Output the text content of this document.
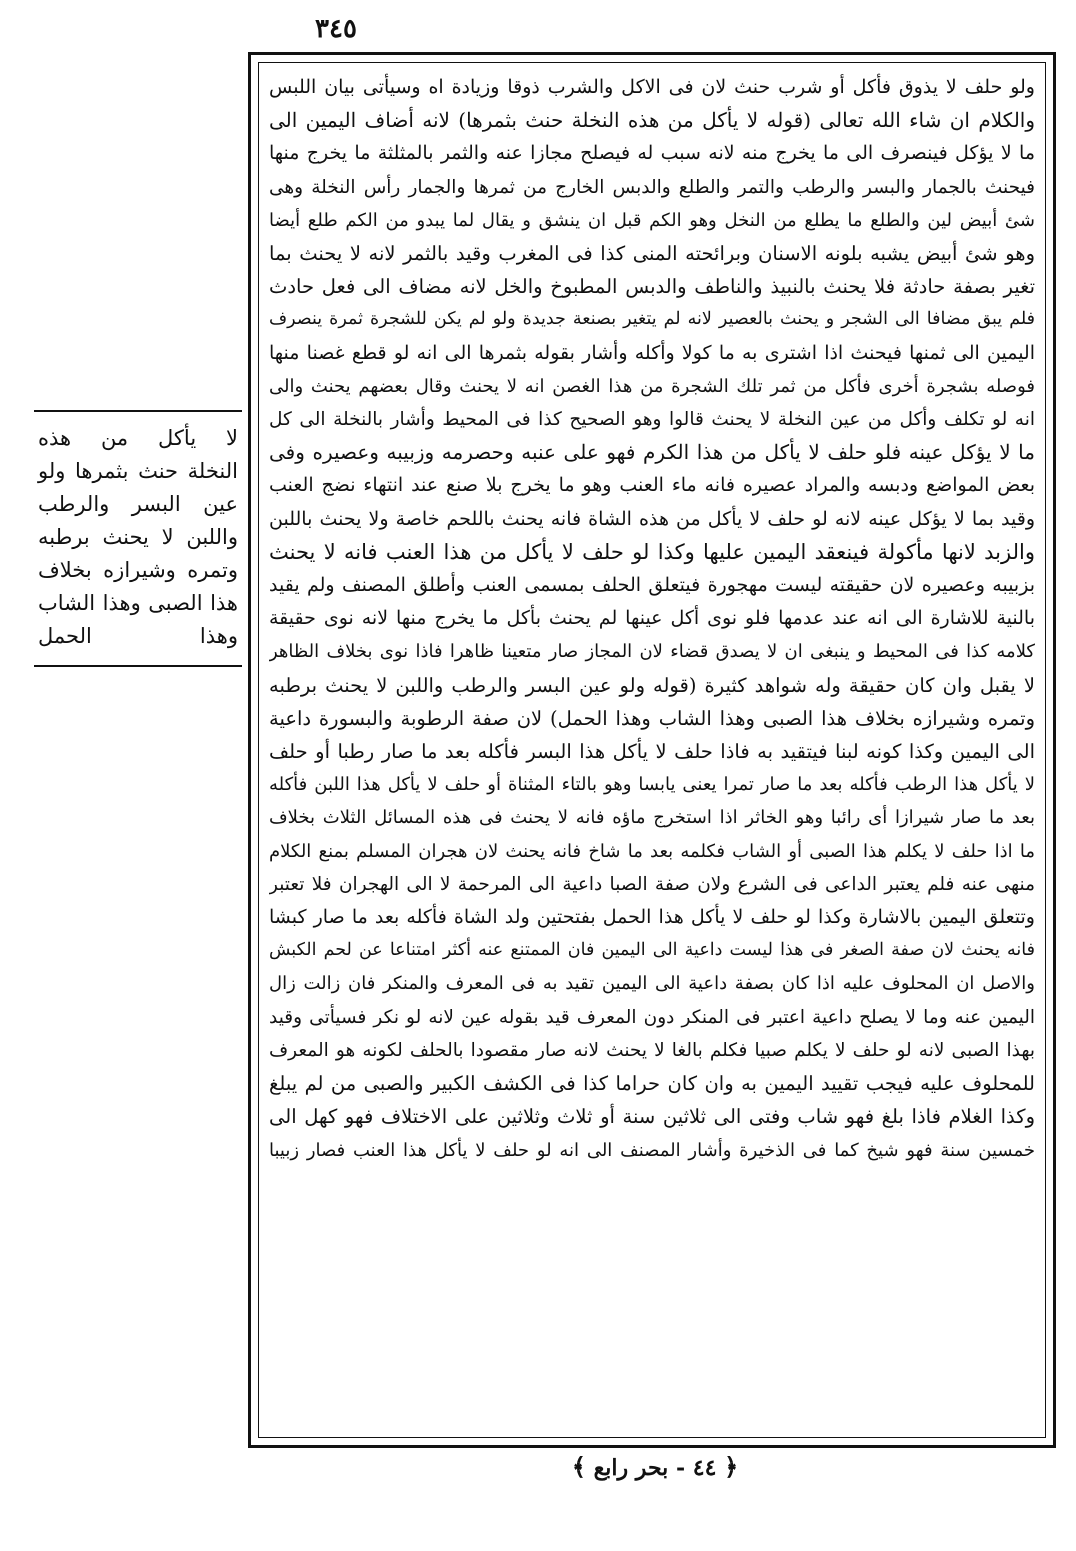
٣٤٥
ولو حلف لا يذوق فأكل أو شرب حنث لان فى الاكل والشرب ذوقا وزيادة اه وسيأتى بيان اللبس
والكلام ان شاء الله تعالى (قوله لا يأكل من هذه النخلة حنث بثمرها) لانه أضاف اليمين الى
ما لا يؤكل فينصرف الى ما يخرج منه لانه سبب له فيصلح مجازا عنه والثمر بالمثلثة ما يخرج منها
فيحنث بالجمار والبسر والرطب والتمر والطلع والدبس الخارج من ثمرها والجمار رأس النخلة وهى
شئ أبيض لين والطلع ما يطلع من النخل وهو الكم قبل ان ينشق و يقال لما يبدو من الكم طلع أيضا
وهو شئ أبيض يشبه بلونه الاسنان وبرائحته المنى كذا فى المغرب وقيد بالثمر لانه لا يحنث بما
تغير بصفة حادثة فلا يحنث بالنبيذ والناطف والدبس المطبوخ والخل لانه مضاف الى فعل حادث
فلم يبق مضافا الى الشجر و يحنث بالعصير لانه لم يتغير بصنعة جديدة ولو لم يكن للشجرة ثمرة ينصرف
اليمين الى ثمنها فيحنث اذا اشترى به ما كولا وأكله وأشار بقوله بثمرها الى انه لو قطع غصنا منها
فوصله بشجرة أخرى فأكل من ثمر تلك الشجرة من هذا الغصن انه لا يحنث وقال بعضهم يحنث والى
انه لو تكلف وأكل من عين النخلة لا يحنث قالوا وهو الصحيح كذا فى المحيط وأشار بالنخلة الى كل
ما لا يؤكل عينه فلو حلف لا يأكل من هذا الكرم فهو على عنبه وحصرمه وزبيبه وعصيره وفى
بعض المواضع ودبسه والمراد عصيره فانه ماء العنب وهو ما يخرج بلا صنع عند انتهاء نضج العنب
وقيد بما لا يؤكل عينه لانه لو حلف لا يأكل من هذه الشاة فانه يحنث باللحم خاصة ولا يحنث باللبن
والزبد لانها مأكولة فينعقد اليمين عليها وكذا لو حلف لا يأكل من هذا العنب فانه لا يحنث
بزبيبه وعصيره لان حقيقته ليست مهجورة فيتعلق الحلف بمسمى العنب وأطلق المصنف ولم يقيد
بالنية للاشارة الى انه عند عدمها فلو نوى أكل عينها لم يحنث بأكل ما يخرج منها لانه نوى حقيقة
كلامه كذا فى المحيط و ينبغى ان لا يصدق قضاء لان المجاز صار متعينا ظاهرا فاذا نوى بخلاف الظاهر
لا يقبل وان كان حقيقة وله شواهد كثيرة (قوله ولو عين البسر والرطب واللبن لا يحنث برطبه
وتمره وشيرازه بخلاف هذا الصبى وهذا الشاب وهذا الحمل) لان صفة الرطوبة والبسورة داعية
الى اليمين وكذا كونه لبنا فيتقيد به فاذا حلف لا يأكل هذا البسر فأكله بعد ما صار رطبا أو حلف
لا يأكل هذا الرطب فأكله بعد ما صار تمرا يعنى يابسا وهو بالتاء المثناة أو حلف لا يأكل هذا اللبن فأكله
بعد ما صار شيرازا أى رائبا وهو الخاثر اذا استخرج ماؤه فانه لا يحنث فى هذه المسائل الثلاث بخلاف
ما اذا حلف لا يكلم هذا الصبى أو الشاب فكلمه بعد ما شاخ فانه يحنث لان هجران المسلم بمنع الكلام
منهى عنه فلم يعتبر الداعى فى الشرع ولان صفة الصبا داعية الى المرحمة لا الى الهجران فلا تعتبر
وتتعلق اليمين بالاشارة وكذا لو حلف لا يأكل هذا الحمل بفتحتين ولد الشاة فأكله بعد ما صار كبشا
فانه يحنث لان صفة الصغر فى هذا ليست داعية الى اليمين فان الممتنع عنه أكثر امتناعا عن لحم الكبش
والاصل ان المحلوف عليه اذا كان بصفة داعية الى اليمين تقيد به فى المعرف والمنكر فان زالت زال
اليمين عنه وما لا يصلح داعية اعتبر فى المنكر دون المعرف قيد بقوله عين لانه لو نكر فسيأتى وقيد
بهذا الصبى لانه لو حلف لا يكلم صبيا فكلم بالغا لا يحنث لانه صار مقصودا بالحلف لكونه هو المعرف
للمحلوف عليه فيجب تقييد اليمين به وان كان حراما كذا فى الكشف الكبير والصبى من لم يبلغ
وكذا الغلام فاذا بلغ فهو شاب وفتى الى ثلاثين سنة أو ثلاث وثلاثين على الاختلاف فهو كهل الى
خمسين سنة فهو شيخ كما فى الذخيرة وأشار المصنف الى انه لو حلف لا يأكل هذا العنب فصار زبيبا
لا يأكل من هذه
النخلة حنث بثمرها ولو
عين البسر والرطب
واللبن لا يحنث برطبه
وتمره وشيرازه بخلاف
هذا الصبى وهذا الشاب
وهذا الحمل
﴿ ٤٤ - بحر رابع ﴾
